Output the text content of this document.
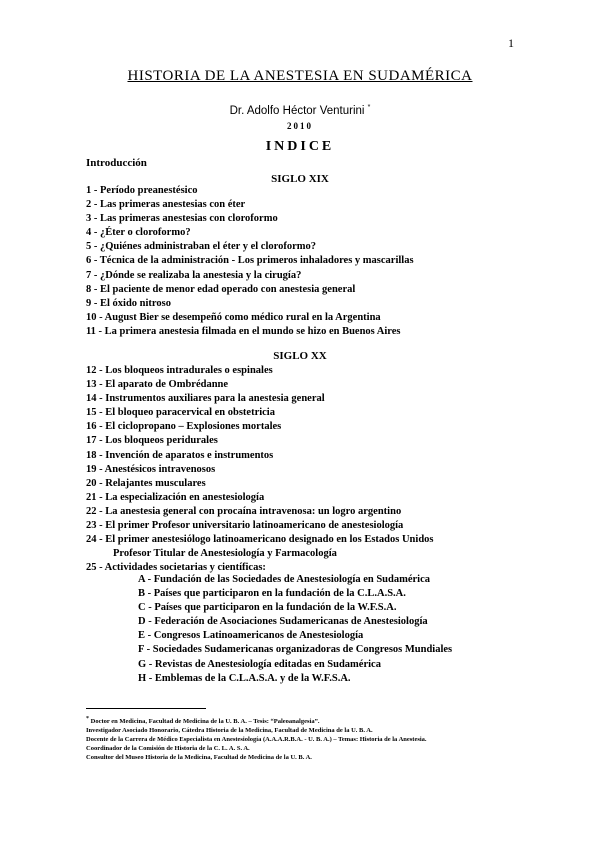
1
HISTORIA DE LA ANESTESIA EN SUDAMÉRICA
Dr. Adolfo Héctor Venturini *
2010
INDICE
Introducción
SIGLO XIX
1 - Período preanestésico
2 - Las primeras anestesias con éter
3 - Las primeras anestesias con cloroformo
4 - ¿Éter o cloroformo?
5 - ¿Quiénes administraban el éter y el cloroformo?
6 - Técnica de la administración - Los primeros inhaladores y mascarillas
7 - ¿Dónde se realizaba la anestesia y la cirugía?
8 - El paciente de menor edad operado con anestesia general
9 - El óxido nitroso
10 - August Bier se desempeñó como médico rural en la Argentina
11 - La primera anestesia filmada en el mundo se hizo en Buenos Aires
SIGLO XX
12 - Los bloqueos intradurales o espinales
13 - El aparato de Ombrédanne
14 - Instrumentos auxiliares para la anestesia general
15 - El bloqueo paracervical en obstetricia
16 - El ciclopropano – Explosiones mortales
17 - Los bloqueos peridurales
18 - Invención de aparatos e instrumentos
19 - Anestésicos intravenosos
20 - Relajantes musculares
21 - La especialización en anestesiología
22 - La anestesia general con procaína intravenosa: un logro argentino
23 - El primer Profesor universitario latinoamericano de anestesiología
24 - El primer anestesiólogo latinoamericano designado en los Estados Unidos
Profesor Titular de Anestesiología y Farmacología
25 - Actividades societarias y científicas:
A - Fundación de las Sociedades de Anestesiología en Sudamérica
B - Países que participaron en la fundación de la C.L.A.S.A.
C - Países que participaron en la fundación de la W.F.S.A.
D - Federación de Asociaciones Sudamericanas de Anestesiología
E - Congresos Latinoamericanos de Anestesiología
F - Sociedades Sudamericanas organizadoras de Congresos Mundiales
G - Revistas de Anestesiología editadas en Sudamérica
H - Emblemas de la C.L.A.S.A. y de la W.F.S.A.

* Doctor en Medicina, Facultad de Medicina de la U. B. A. – Tesis: “Paleoanalgesia”.

Investigador Asociado Honorario, Cátedra Historia de la Medicina, Facultad de Medicina de la U. B. A.

Docente de la Carrera de Médico Especialista en Anestesiología (A.A.A.R.B.A. - U. B. A.) – Temas: Historia de la Anestesia.

Coordinador de la Comisión de Historia de la C. L. A. S. A.

Consultor del Museo Historia de la Medicina, Facultad de Medicina de la U. B. A.
